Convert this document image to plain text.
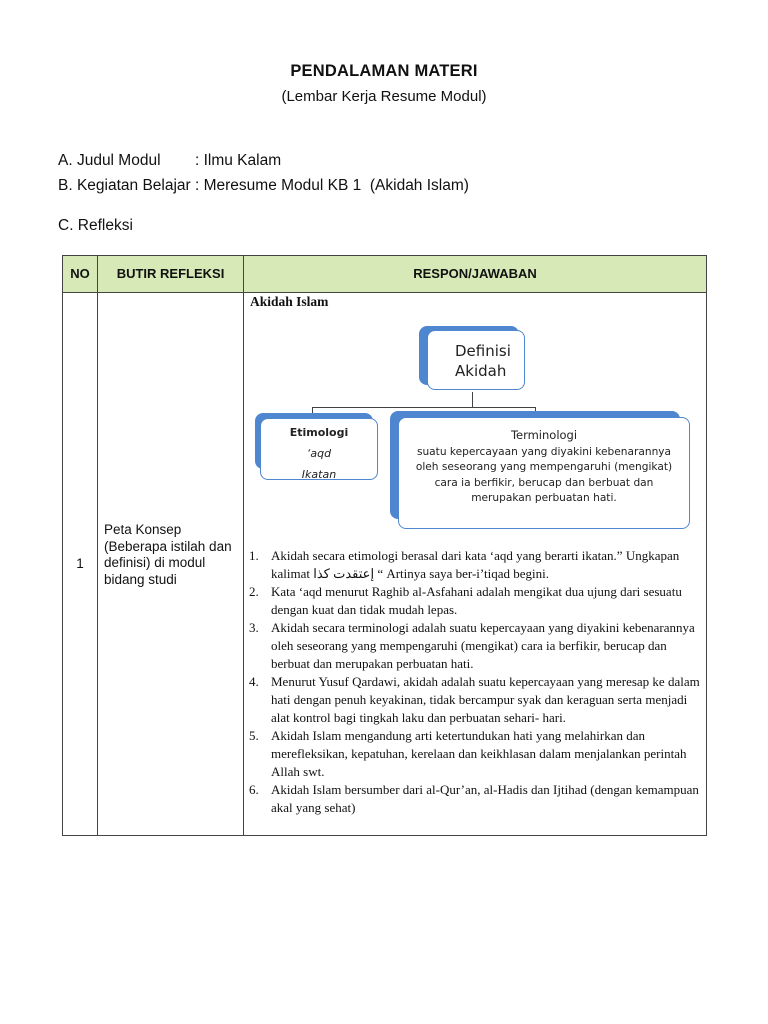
PENDALAMAN MATERI
(Lembar Kerja Resume Modul)
A. Judul Modul        : Ilmu Kalam
B. Kegiatan Belajar : Meresume Modul KB 1  (Akidah Islam)
C. Refleksi
NO	BUTIR REFLEKSI	RESPON/JAWABAN
1
Peta Konsep (Beberapa istilah dan definisi) di modul bidang studi
Akidah Islam
Definisi
Akidah
Etimologi
‘aqd
Ikatan
Terminologi
suatu kepercayaan yang diyakini kebenarannya
oleh seseorang yang mempengaruhi (mengikat)
cara ia berfikir, berucap dan berbuat dan
merupakan perbuatan hati.
1. Akidah secara etimologi berasal dari kata ‘aqd yang berarti ikatan.” Ungkapan kalimat إعتقدت كذا “ Artinya saya ber-i’tiqad begini.
2. Kata ‘aqd menurut Raghib al-Asfahani adalah mengikat dua ujung dari sesuatu dengan kuat dan tidak mudah lepas.
3. Akidah secara terminologi adalah suatu kepercayaan yang diyakini kebenarannya oleh seseorang yang mempengaruhi (mengikat) cara ia berfikir, berucap dan berbuat dan merupakan perbuatan hati.
4. Menurut Yusuf Qardawi, akidah adalah suatu kepercayaan yang meresap ke dalam hati dengan penuh keyakinan, tidak bercampur syak dan keraguan serta menjadi alat kontrol bagi tingkah laku dan perbuatan sehari- hari.
5. Akidah Islam mengandung arti ketertundukan hati yang melahirkan dan merefleksikan, kepatuhan, kerelaan dan keikhlasan dalam menjalankan perintah Allah swt.
6. Akidah Islam bersumber dari al-Qur’an, al-Hadis dan Ijtihad (dengan kemampuan akal yang sehat)
